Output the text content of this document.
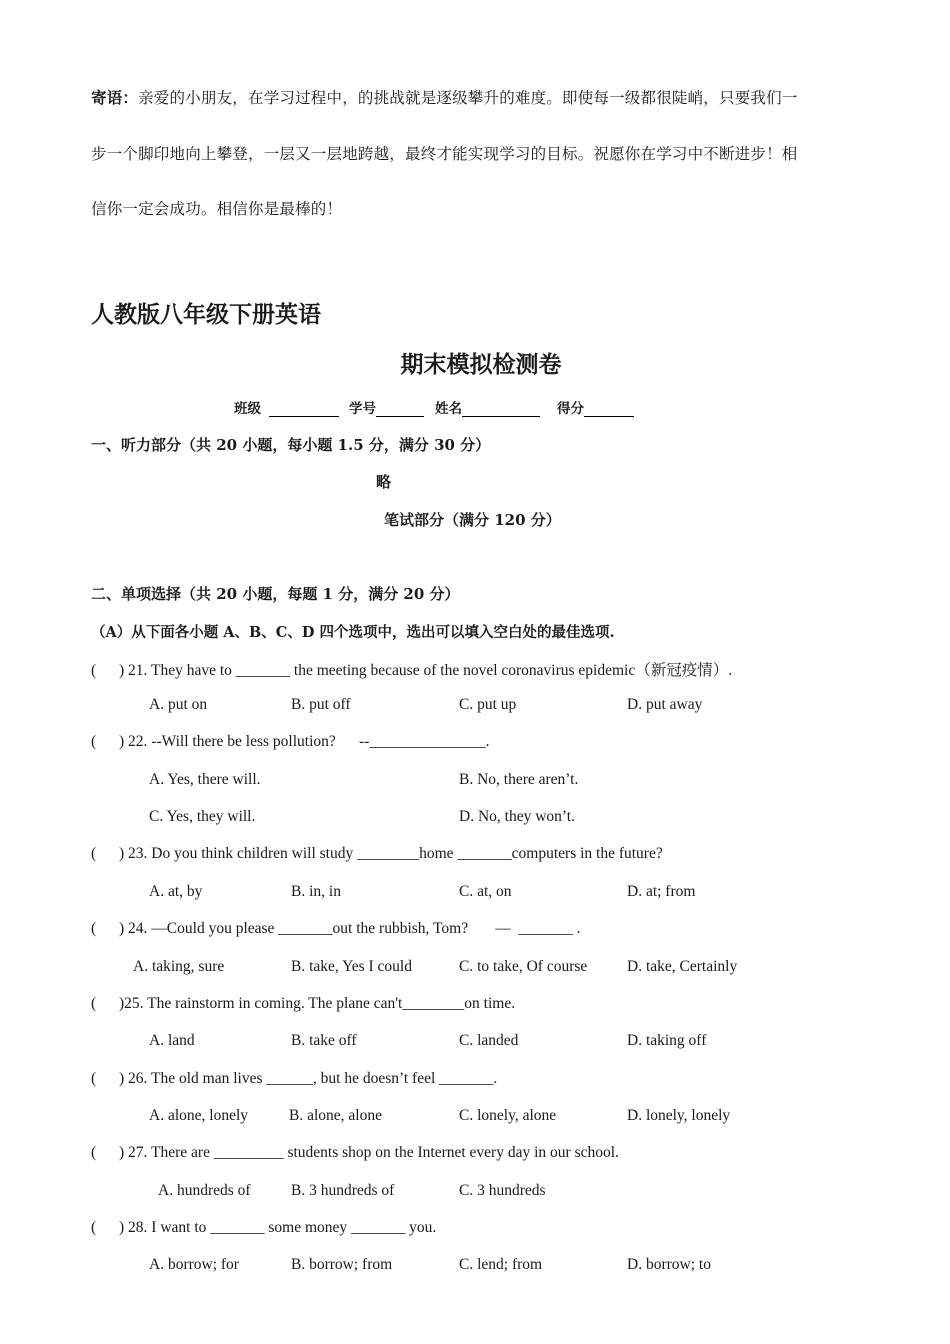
寄语：亲爱的小朋友，在学习过程中，的挑战就是逐级攀升的难度。即使每一级都很陡峭，只要我们一
步一个脚印地向上攀登，一层又一层地跨越，最终才能实现学习的目标。祝愿你在学习中不断进步！相
信你一定会成功。相信你是最棒的！
人教版八年级下册英语
期末模拟检测卷
班级	学号	姓名	得分
一、听力部分（共 20 小题，每小题 1.5 分，满分 30 分）
略
笔试部分（满分 120 分）
二、单项选择（共 20 小题，每题 1 分，满分 20 分）
（A）从下面各小题 A、B、C、D 四个选项中，选出可以填入空白处的最佳选项.
( ) 21. They have to _______ the meeting because of the novel coronavirus epidemic（新冠疫情）.
A. put on	B. put off	C. put up	D. put away
( ) 22. --Will there be less pollution?      --_______________.
A. Yes, there will.	B. No, there aren’t.
C. Yes, they will.	D. No, they won’t.
( ) 23. Do you think children will study ________home _______computers in the future?
A. at, by	B. in, in	C. at, on	D. at; from
( ) 24. —Could you please _______out the rubbish, Tom?       —  _______ .
A. taking, sure	B. take, Yes I could	C. to take, Of course	D. take, Certainly
( )25. The rainstorm in coming. The plane can't________on time.
A. land	B. take off	C. landed	D. taking off
( ) 26. The old man lives ______, but he doesn’t feel _______.
A. alone, lonely	B. alone, alone	C. lonely, alone	D. lonely, lonely
( ) 27. There are _________ students shop on the Internet every day in our school.
A. hundreds of	B. 3 hundreds of	C. 3 hundreds
( ) 28. I want to _______ some money _______ you.
A. borrow; for	B. borrow; from	C. lend; from	D. borrow; to
